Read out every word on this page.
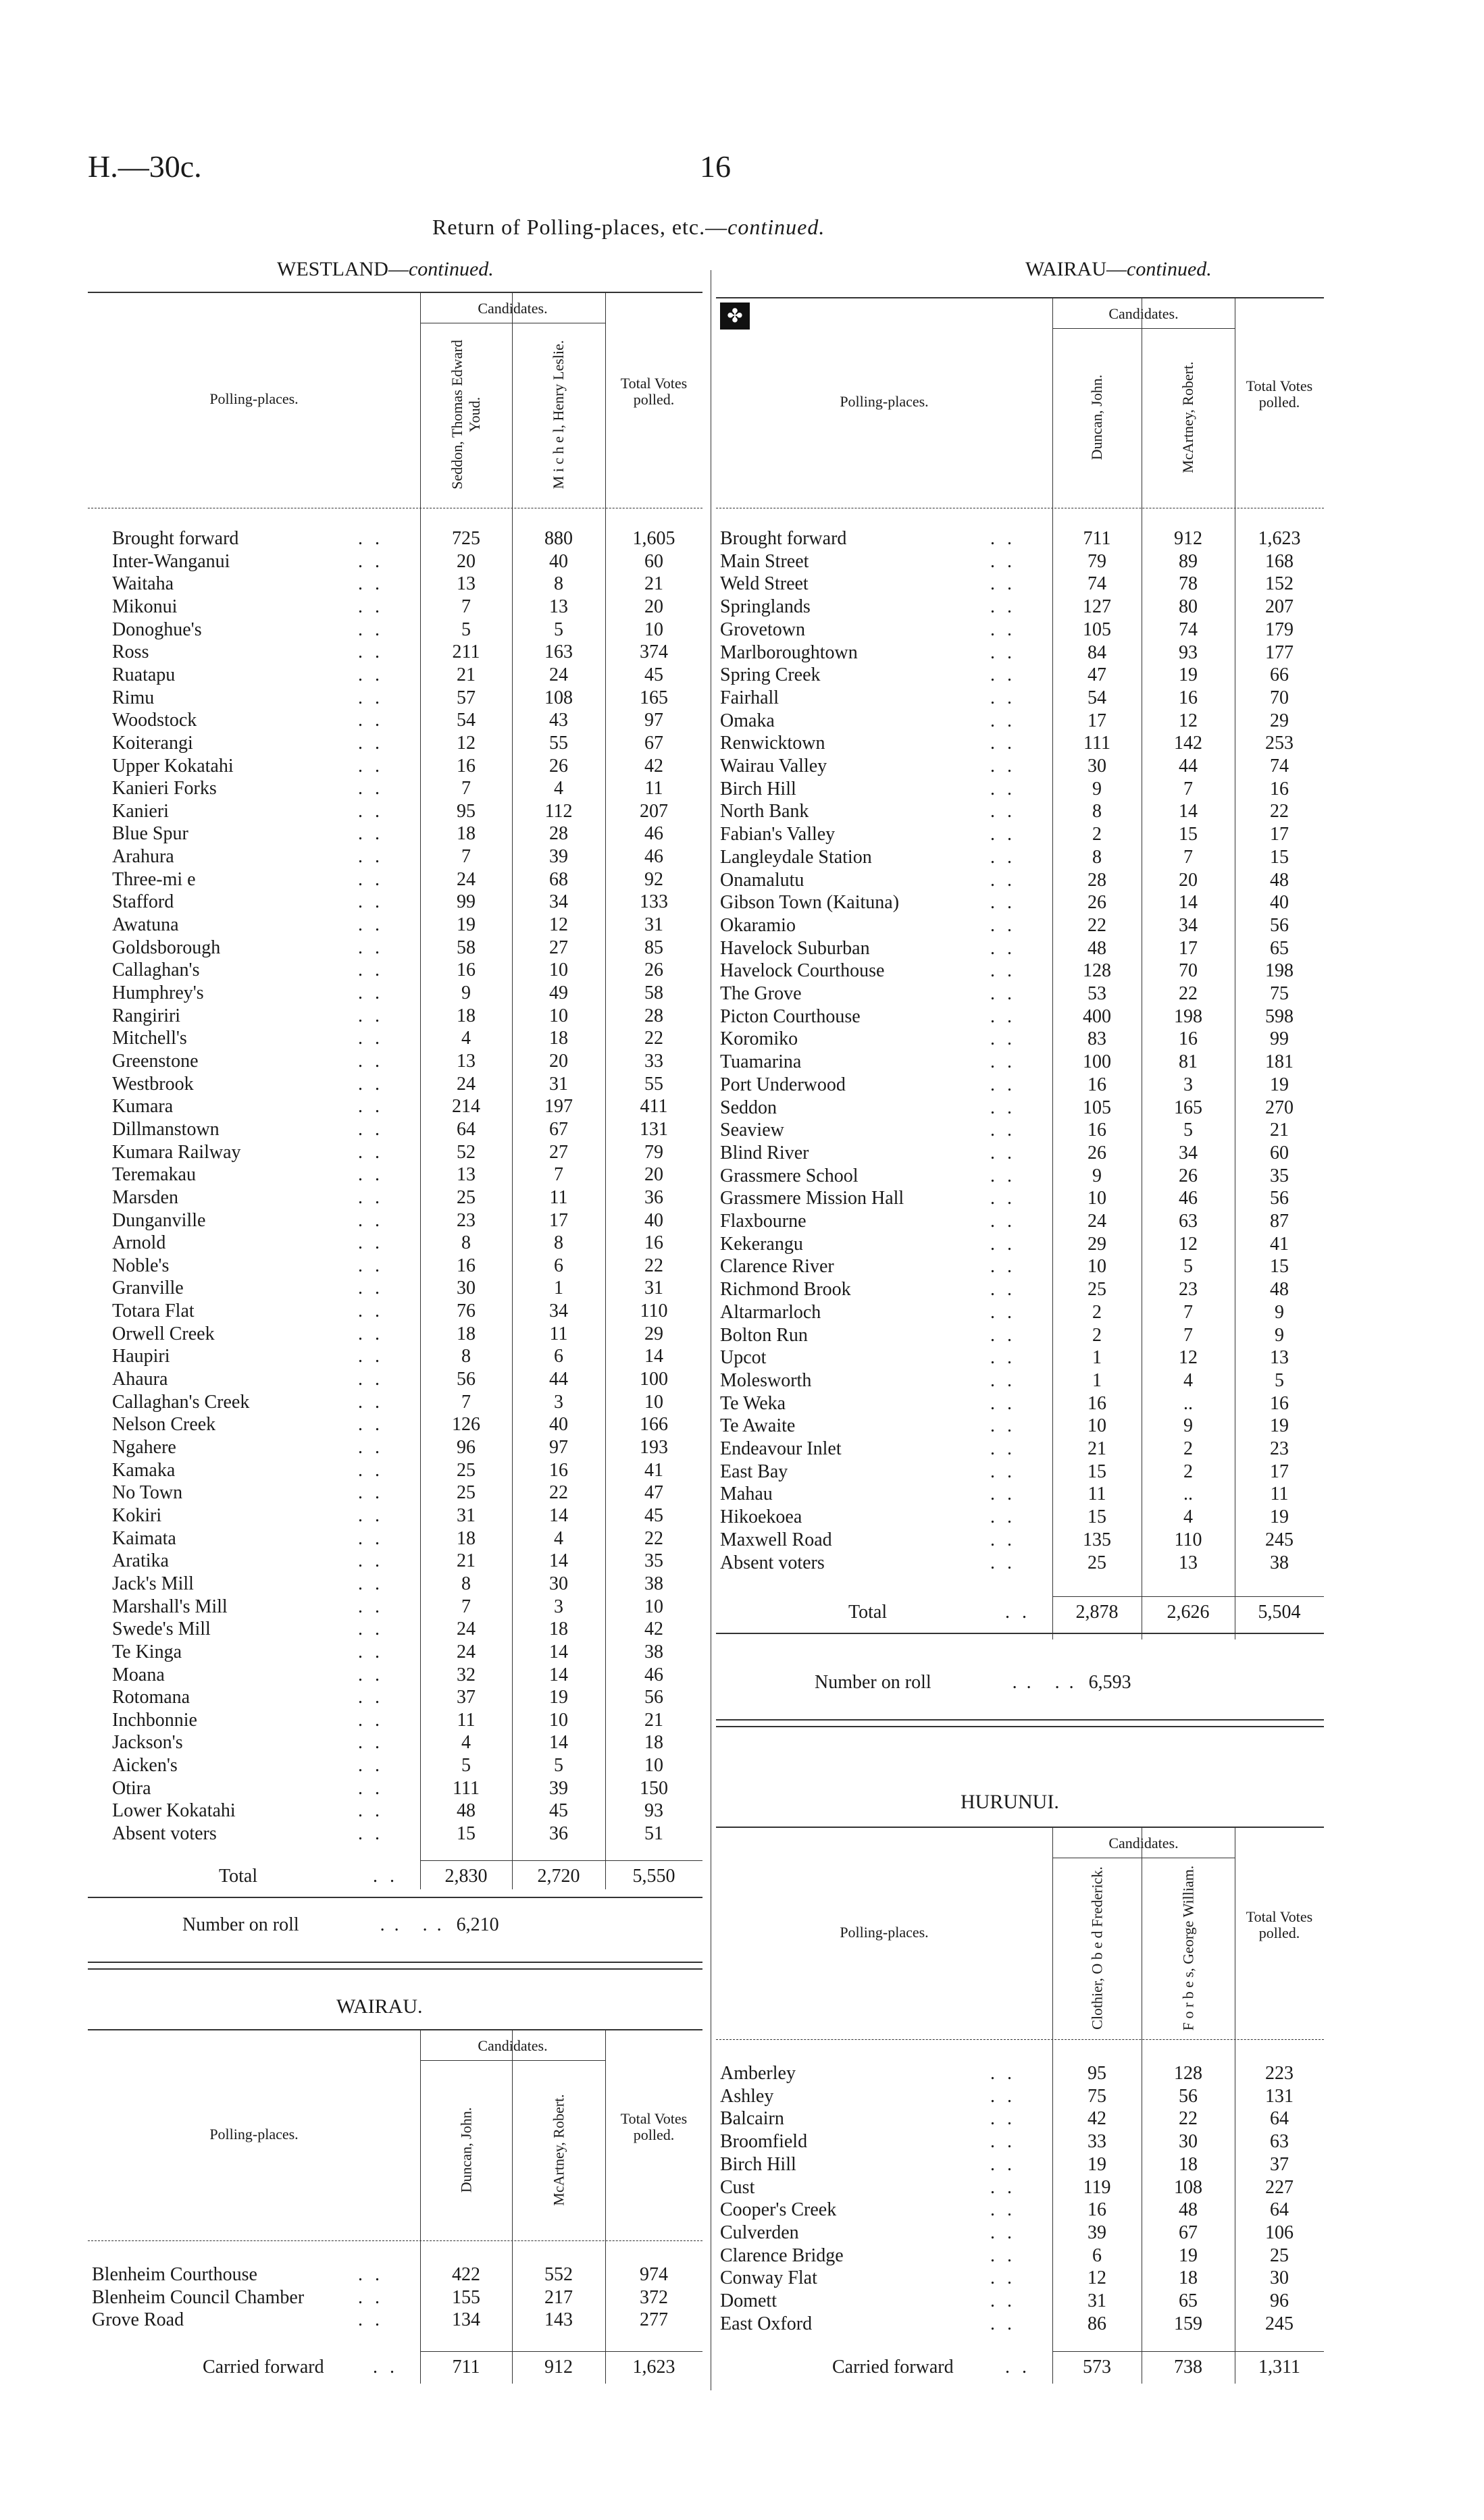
H.—30c.	16
Return of Polling-places, etc.—continued.
WESTLAND—continued.
Polling-places.
Candidates.
Total Votes polled.
Seddon, Thomas Edward Youd.	M i c h e l, Henry Leslie.
Brought forward	..	725	880	1,605
Inter-Wanganui	..	20	40	60
Waitaha	..	13	8	21
Mikonui	..	7	13	20
Donoghue's	..	5	5	10
Ross	..	211	163	374
Ruatapu	..	21	24	45
Rimu	..	57	108	165
Woodstock	..	54	43	97
Koiterangi	..	12	55	67
Upper Kokatahi	..	16	26	42
Kanieri Forks	..	7	4	11
Kanieri	..	95	112	207
Blue Spur	..	18	28	46
Arahura	..	7	39	46
Three-mi e	..	24	68	92
Stafford	..	99	34	133
Awatuna	..	19	12	31
Goldsborough	..	58	27	85
Callaghan's	..	16	10	26
Humphrey's	..	9	49	58
Rangiriri	..	18	10	28
Mitchell's	..	4	18	22
Greenstone	..	13	20	33
Westbrook	..	24	31	55
Kumara	..	214	197	411
Dillmanstown	..	64	67	131
Kumara Railway	..	52	27	79
Teremakau	..	13	7	20
Marsden	..	25	11	36
Dunganville	..	23	17	40
Arnold	..	8	8	16
Noble's	..	16	6	22
Granville	..	30	1	31
Totara Flat	..	76	34	110
Orwell Creek	..	18	11	29
Haupiri	..	8	6	14
Ahaura	..	56	44	100
Callaghan's Creek	..	7	3	10
Nelson Creek	..	126	40	166
Ngahere	..	96	97	193
Kamaka	..	25	16	41
No Town	..	25	22	47
Kokiri	..	31	14	45
Kaimata	..	18	4	22
Aratika	..	21	14	35
Jack's Mill	..	8	30	38
Marshall's Mill	..	7	3	10
Swede's Mill	..	24	18	42
Te Kinga	..	24	14	38
Moana	..	32	14	46
Rotomana	..	37	19	56
Inchbonnie	..	11	10	21
Jackson's	..	4	14	18
Aicken's	..	5	5	10
Otira	..	111	39	150
Lower Kokatahi	..	48	45	93
Absent voters	..	15	36	51
Total	..	2,830	2,720	5,550
Number on roll	.. .. 6,210
WAIRAU.
Polling-places.
Candidates.
Total Votes polled.
Duncan, John.	McArtney, Robert.
Blenheim Courthouse	..	422	552	974
Blenheim Council Chamber	..	155	217	372
Grove Road	..	134	143	277
Carried forward	..	711	912	1,623
✤
WAIRAU—continued.
Polling-places.
Candidates.
Total Votes polled.
Duncan, John.	McArtney, Robert.
Brought forward	..	711	912	1,623
Main Street	..	79	89	168
Weld Street	..	74	78	152
Springlands	..	127	80	207
Grovetown	..	105	74	179
Marlboroughtown	..	84	93	177
Spring Creek	..	47	19	66
Fairhall	..	54	16	70
Omaka	..	17	12	29
Renwicktown	..	111	142	253
Wairau Valley	..	30	44	74
Birch Hill	..	9	7	16
North Bank	..	8	14	22
Fabian's Valley	..	2	15	17
Langleydale Station	..	8	7	15
Onamalutu	..	28	20	48
Gibson Town (Kaituna)	..	26	14	40
Okaramio	..	22	34	56
Havelock Suburban	..	48	17	65
Havelock Courthouse	..	128	70	198
The Grove	..	53	22	75
Picton Courthouse	..	400	198	598
Koromiko	..	83	16	99
Tuamarina	..	100	81	181
Port Underwood	..	16	3	19
Seddon	..	105	165	270
Seaview	..	16	5	21
Blind River	..	26	34	60
Grassmere School	..	9	26	35
Grassmere Mission Hall	..	10	46	56
Flaxbourne	..	24	63	87
Kekerangu	..	29	12	41
Clarence River	..	10	5	15
Richmond Brook	..	25	23	48
Altarmarloch	..	2	7	9
Bolton Run	..	2	7	9
Upcot	..	1	12	13
Molesworth	..	1	4	5
Te Weka	..	16	..	16
Te Awaite	..	10	9	19
Endeavour Inlet	..	21	2	23
East Bay	..	15	2	17
Mahau	..	11	..	11
Hikoekoea	..	15	4	19
Maxwell Road	..	135	110	245
Absent voters	..	25	13	38
Total	..	2,878	2,626	5,504
Number on roll	.. .. 6,593
HURUNUI.
Polling-places.
Candidates.
Total Votes polled.
Clothier, O b e d Frederick.	F o r b e s, George William.
Amberley	..	95	128	223
Ashley	..	75	56	131
Balcairn	..	42	22	64
Broomfield	..	33	30	63
Birch Hill	..	19	18	37
Cust	..	119	108	227
Cooper's Creek	..	16	48	64
Culverden	..	39	67	106
Clarence Bridge	..	6	19	25
Conway Flat	..	12	18	30
Domett	..	31	65	96
East Oxford	..	86	159	245
Carried forward	..	573	738	1,311
